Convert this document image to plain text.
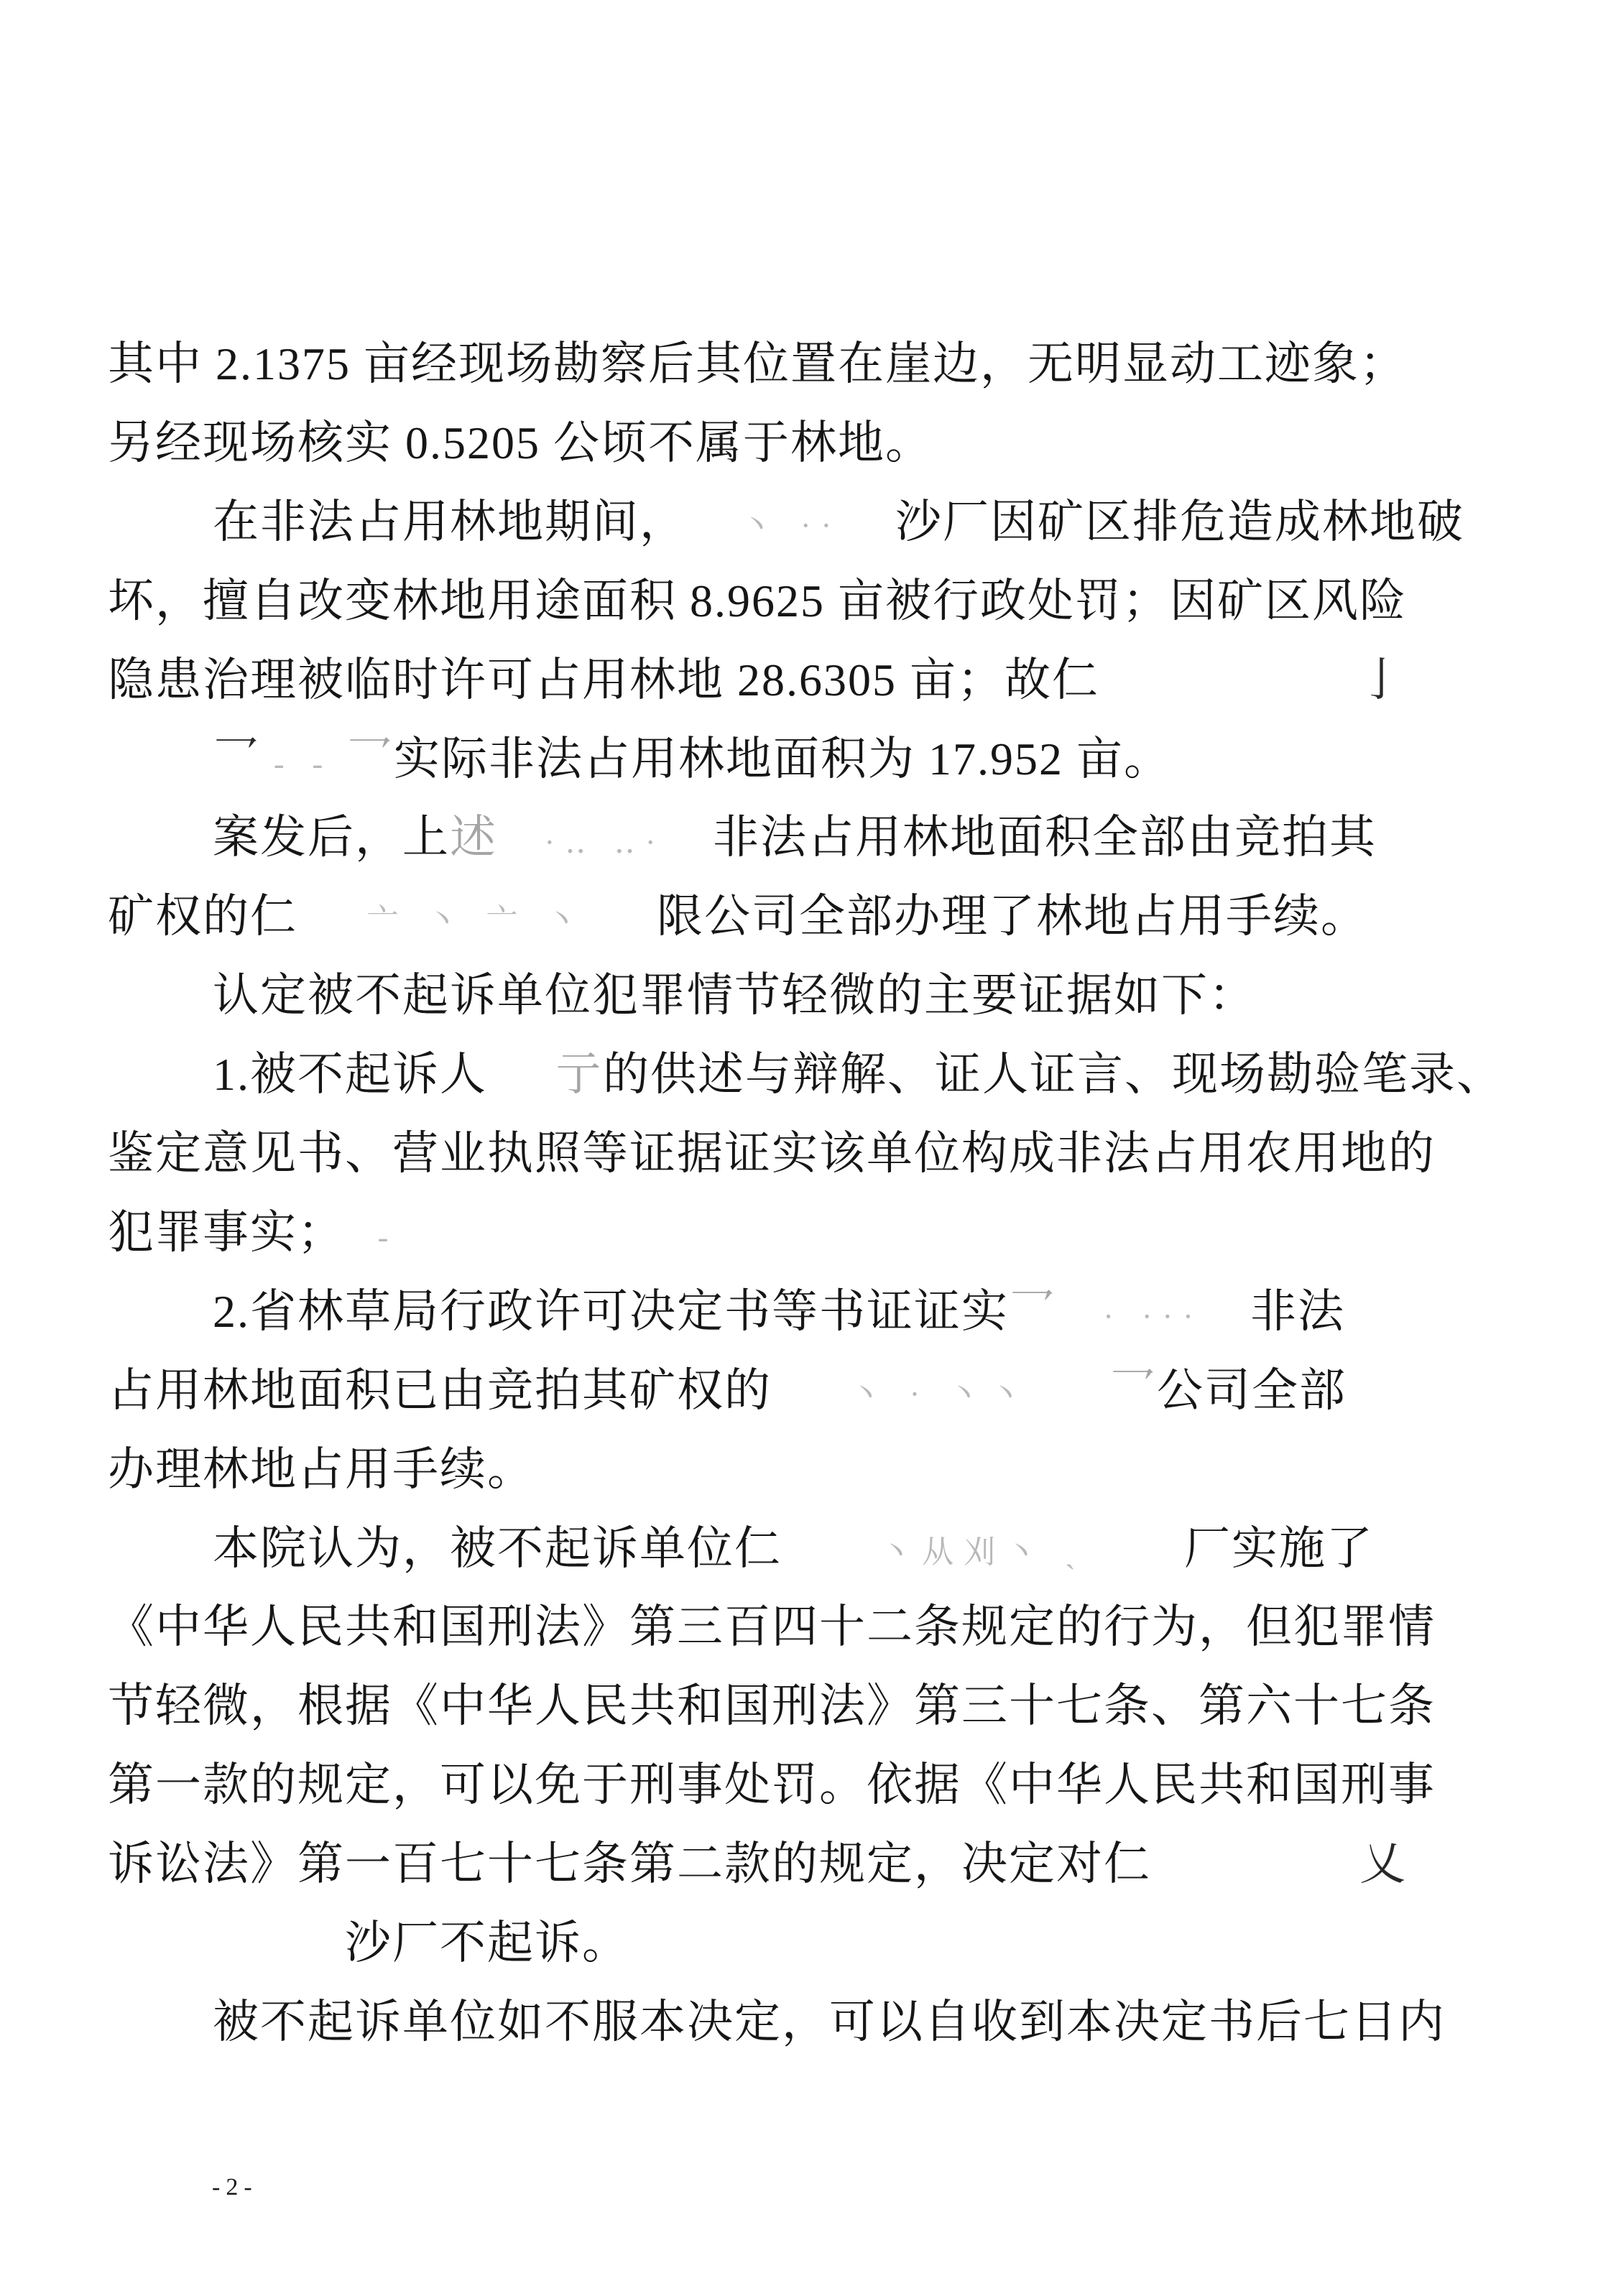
其中 2.1375 亩经现场勘察后其位置在崖边，无明显动工迹象；
另经现场核实 0.5205 公顷不属于林地。
在非法占用林地期间， 丶 ·· 沙厂因矿区排危造成林地破
坏，擅自改变林地用途面积 8.9625 亩被行政处罚；因矿区风险
隐患治理被临时许可占用林地 28.6305 亩；故仁	亅
乛 - - 乛 实际非法占用林地面积为 17.952 亩。
案发后，上 述 ·‥ ‥· 非法占用林地面积全部由竞拍其
矿权的仁 亠 丶 亠 丶 限公司全部办理了林地占用手续。
认定被不起诉单位犯罪情节轻微的主要证据如下：
1.被不起诉人 亍 的供述与辩解、证人证言、现场勘验笔录、
鉴定意见书、营业执照等证据证实该单位构成非法占用农用地的
犯罪事实； -
2.省林草局行政许可决定书等书证证实 乛 · ··· 非法
占用林地面积已由竞拍其矿权的 丶 · 丶丶 乛 公司全部
办理林地占用手续。
本院认为，被不起诉单位仁	丶从刈丶 ˎ 厂实施了
《中华人民共和国刑法》第三百四十二条规定的行为，但犯罪情
节轻微，根据《中华人民共和国刑法》第三十七条、第六十七条
第一款的规定，可以免于刑事处罚。依据《中华人民共和国刑事
诉讼法》第一百七十七条第二款的规定，决定对仁	乂
沙厂不起诉。
被不起诉单位如不服本决定，可以自收到本决定书后七日内
-2-
